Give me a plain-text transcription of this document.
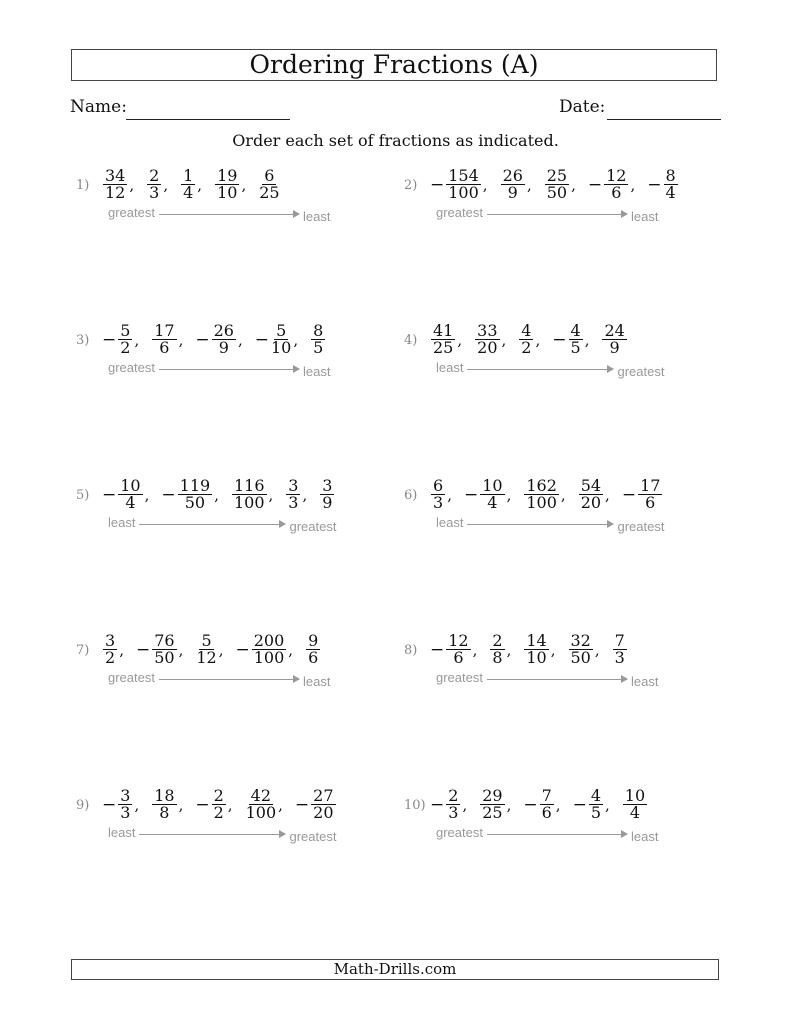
Ordering Fractions (A)
Name:	Date:
Order each set of fractions as indicated.
$1) \frac{34}{12}$ , $\frac{2}{3}$ , $\frac{1}{4}$ , $\frac{19}{10}$ , $\frac{6}{25}$
greatest	least
$2) - \frac{154}{100}$ , $\frac{26}{9}$ , $\frac{25}{50}$ , − $\frac{12}{6}$ , − $\frac{8}{4}$
greatest	least
$3) - \frac{5}{2}$ , $\frac{17}{6}$ , − $\frac{26}{9}$ , − $\frac{5}{10}$ , $\frac{8}{5}$
greatest	least
$4) \frac{41}{25}$ , $\frac{33}{20}$ , $\frac{4}{2}$ , − $\frac{4}{5}$ , $\frac{24}{9}$
least	greatest
$5) - \frac{10}{4}$ , − $\frac{119}{50}$ , $\frac{116}{100}$ , $\frac{3}{3}$ , $\frac{3}{9}$
least	greatest
$6) \frac{6}{3}$ , − $\frac{10}{4}$ , $\frac{162}{100}$ , $\frac{54}{20}$ , − $\frac{17}{6}$
least	greatest
$7) \frac{3}{2}$ , − $\frac{76}{50}$ , $\frac{5}{12}$ , − $\frac{200}{100}$ , $\frac{9}{6}$
greatest	least
$8) - \frac{12}{6}$ , $\frac{2}{8}$ , $\frac{14}{10}$ , $\frac{32}{50}$ , $\frac{7}{3}$
greatest	least
$9) - \frac{3}{3}$ , $\frac{18}{8}$ , − $\frac{2}{2}$ , $\frac{42}{100}$ , − $\frac{27}{20}$
least	greatest
$10) - \frac{2}{3}$ , $\frac{29}{25}$ , − $\frac{7}{6}$ , − $\frac{4}{5}$ , $\frac{10}{4}$
greatest	least
Math-Drills.com
